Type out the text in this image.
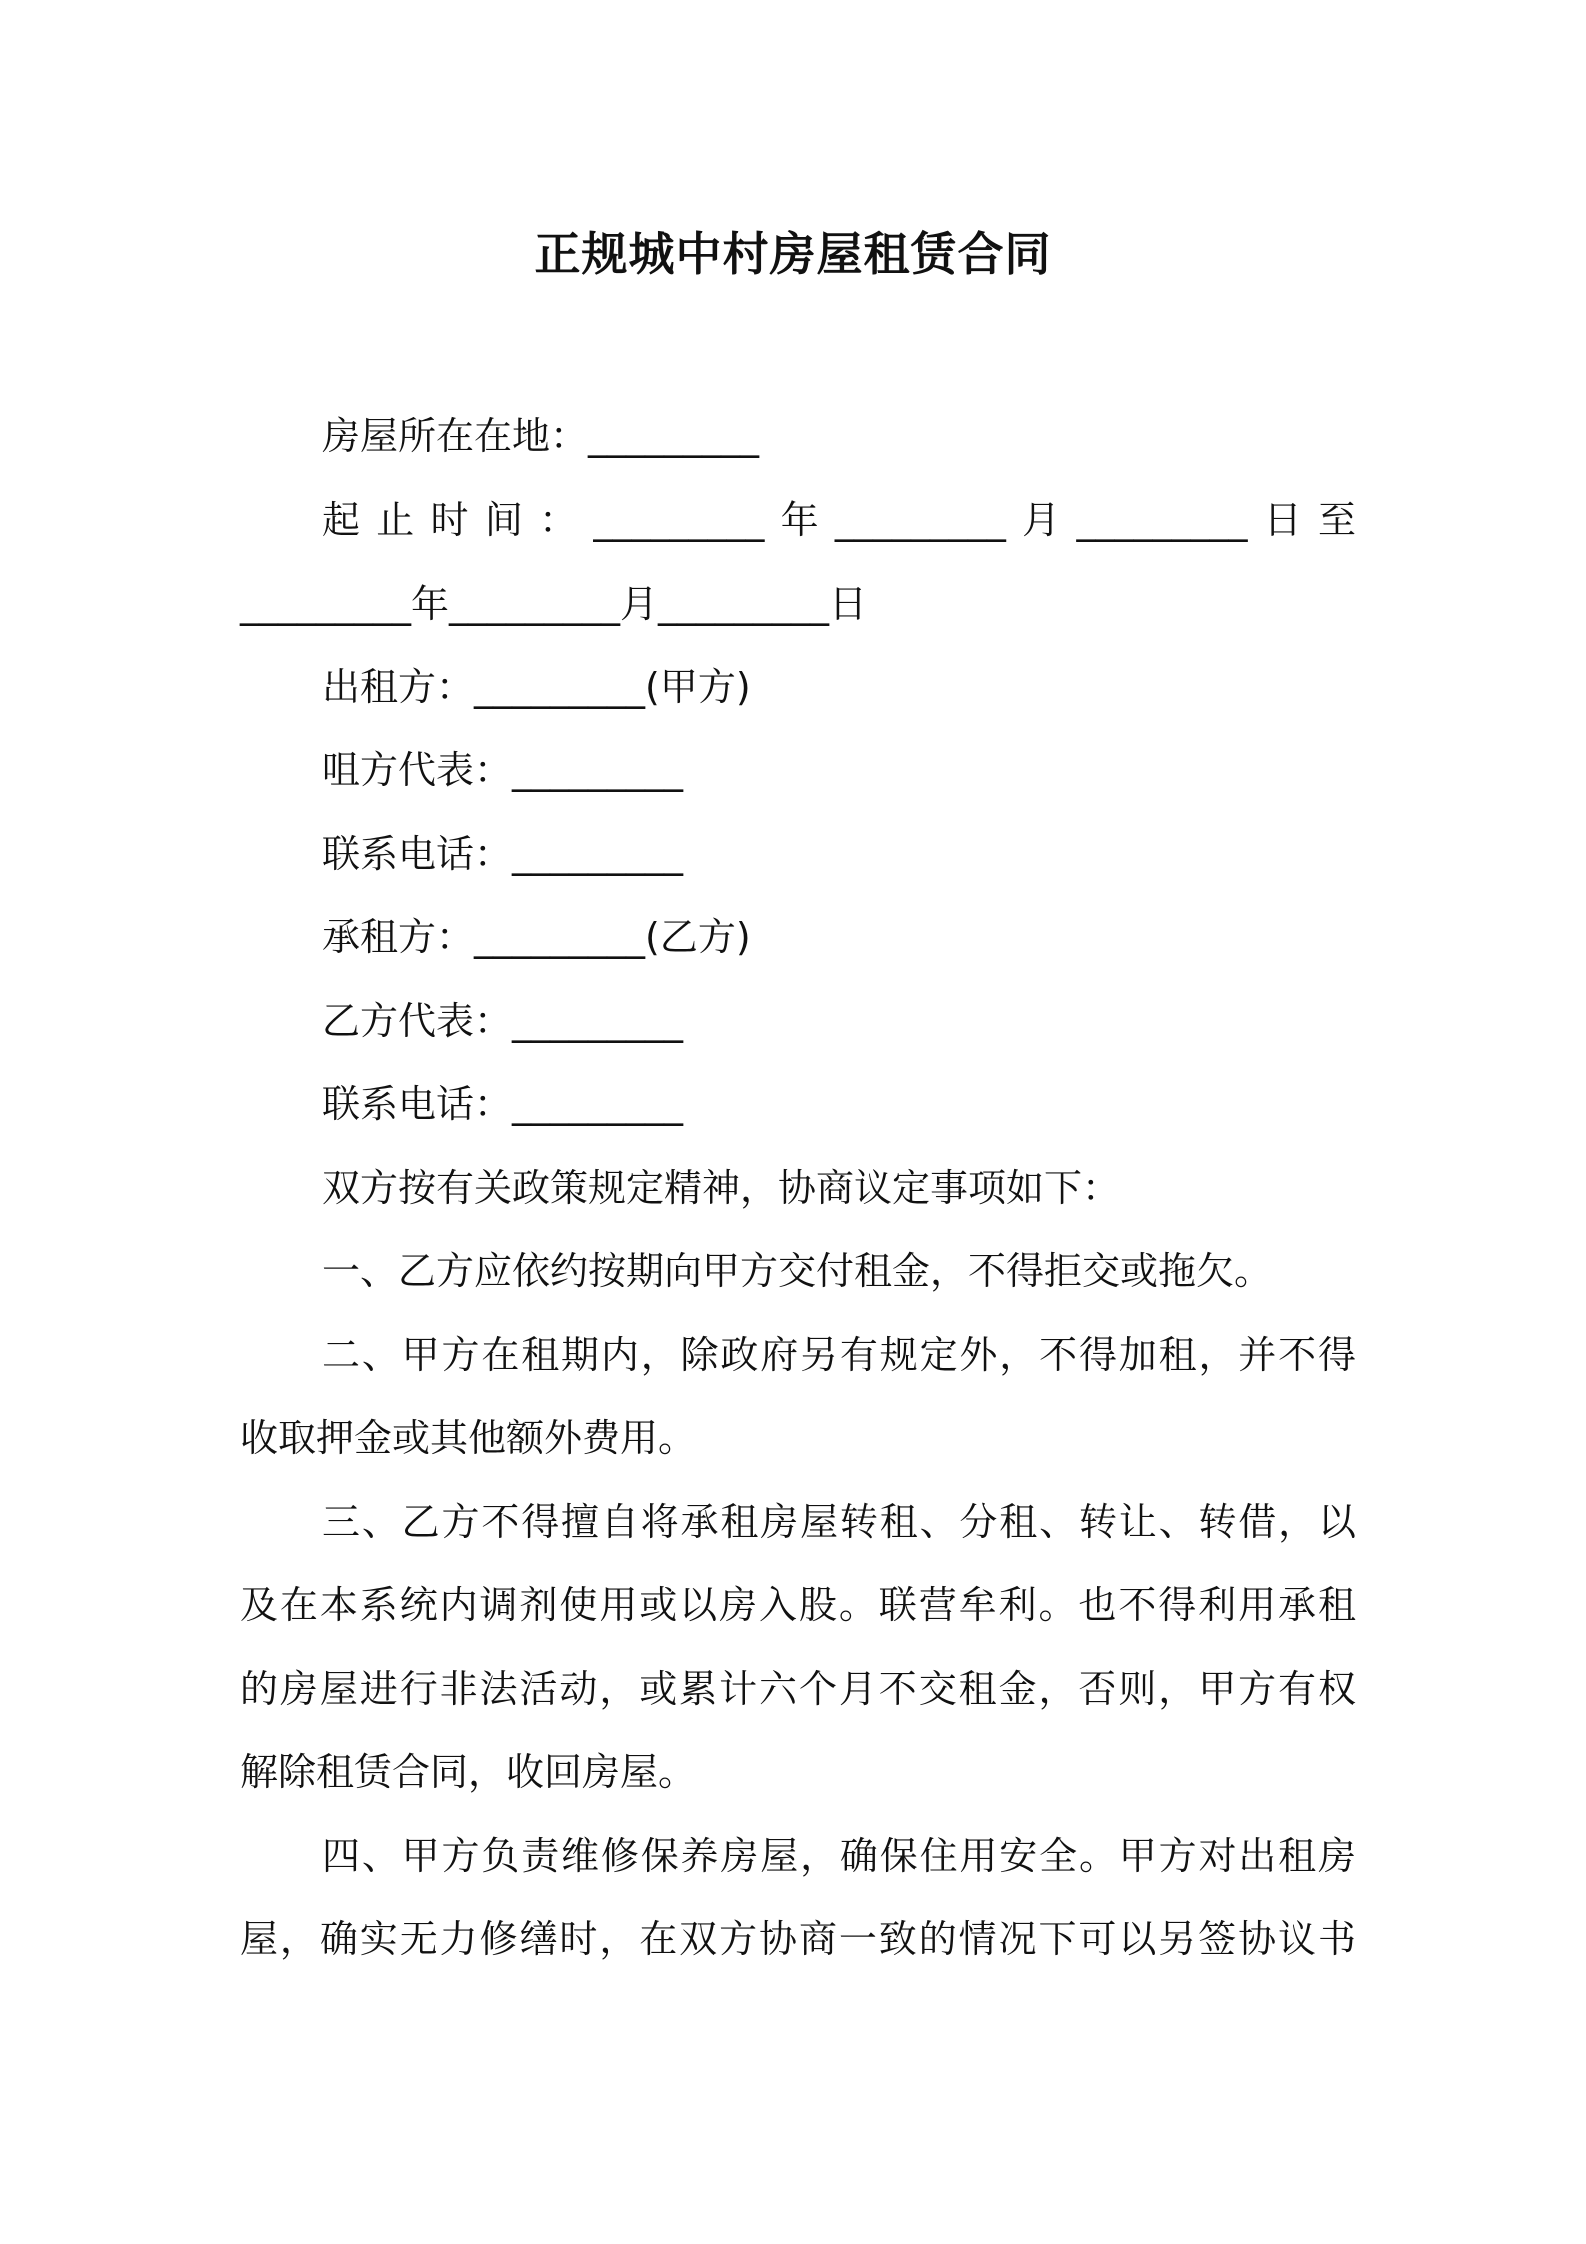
正规城中村房屋租赁合同
房屋所在在地：_________
起止时间：_________年_________月_________日至
_________年_________月_________日
出租方：_________(甲方)
咀方代表：_________
联系电话：_________
承租方：_________(乙方)
乙方代表：_________
联系电话：_________
双方按有关政策规定精神，协商议定事项如下：
一、乙方应依约按期向甲方交付租金，不得拒交或拖欠。
二、甲方在租期内，除政府另有规定外，不得加租，并不得
收取押金或其他额外费用。
三、乙方不得擅自将承租房屋转租、分租、转让、转借，以
及在本系统内调剂使用或以房入股。联营牟利。也不得利用承租
的房屋进行非法活动，或累计六个月不交租金，否则，甲方有权
解除租赁合同，收回房屋。
四、甲方负责维修保养房屋，确保住用安全。甲方对出租房
屋，确实无力修缮时，在双方协商一致的情况下可以另签协议书
